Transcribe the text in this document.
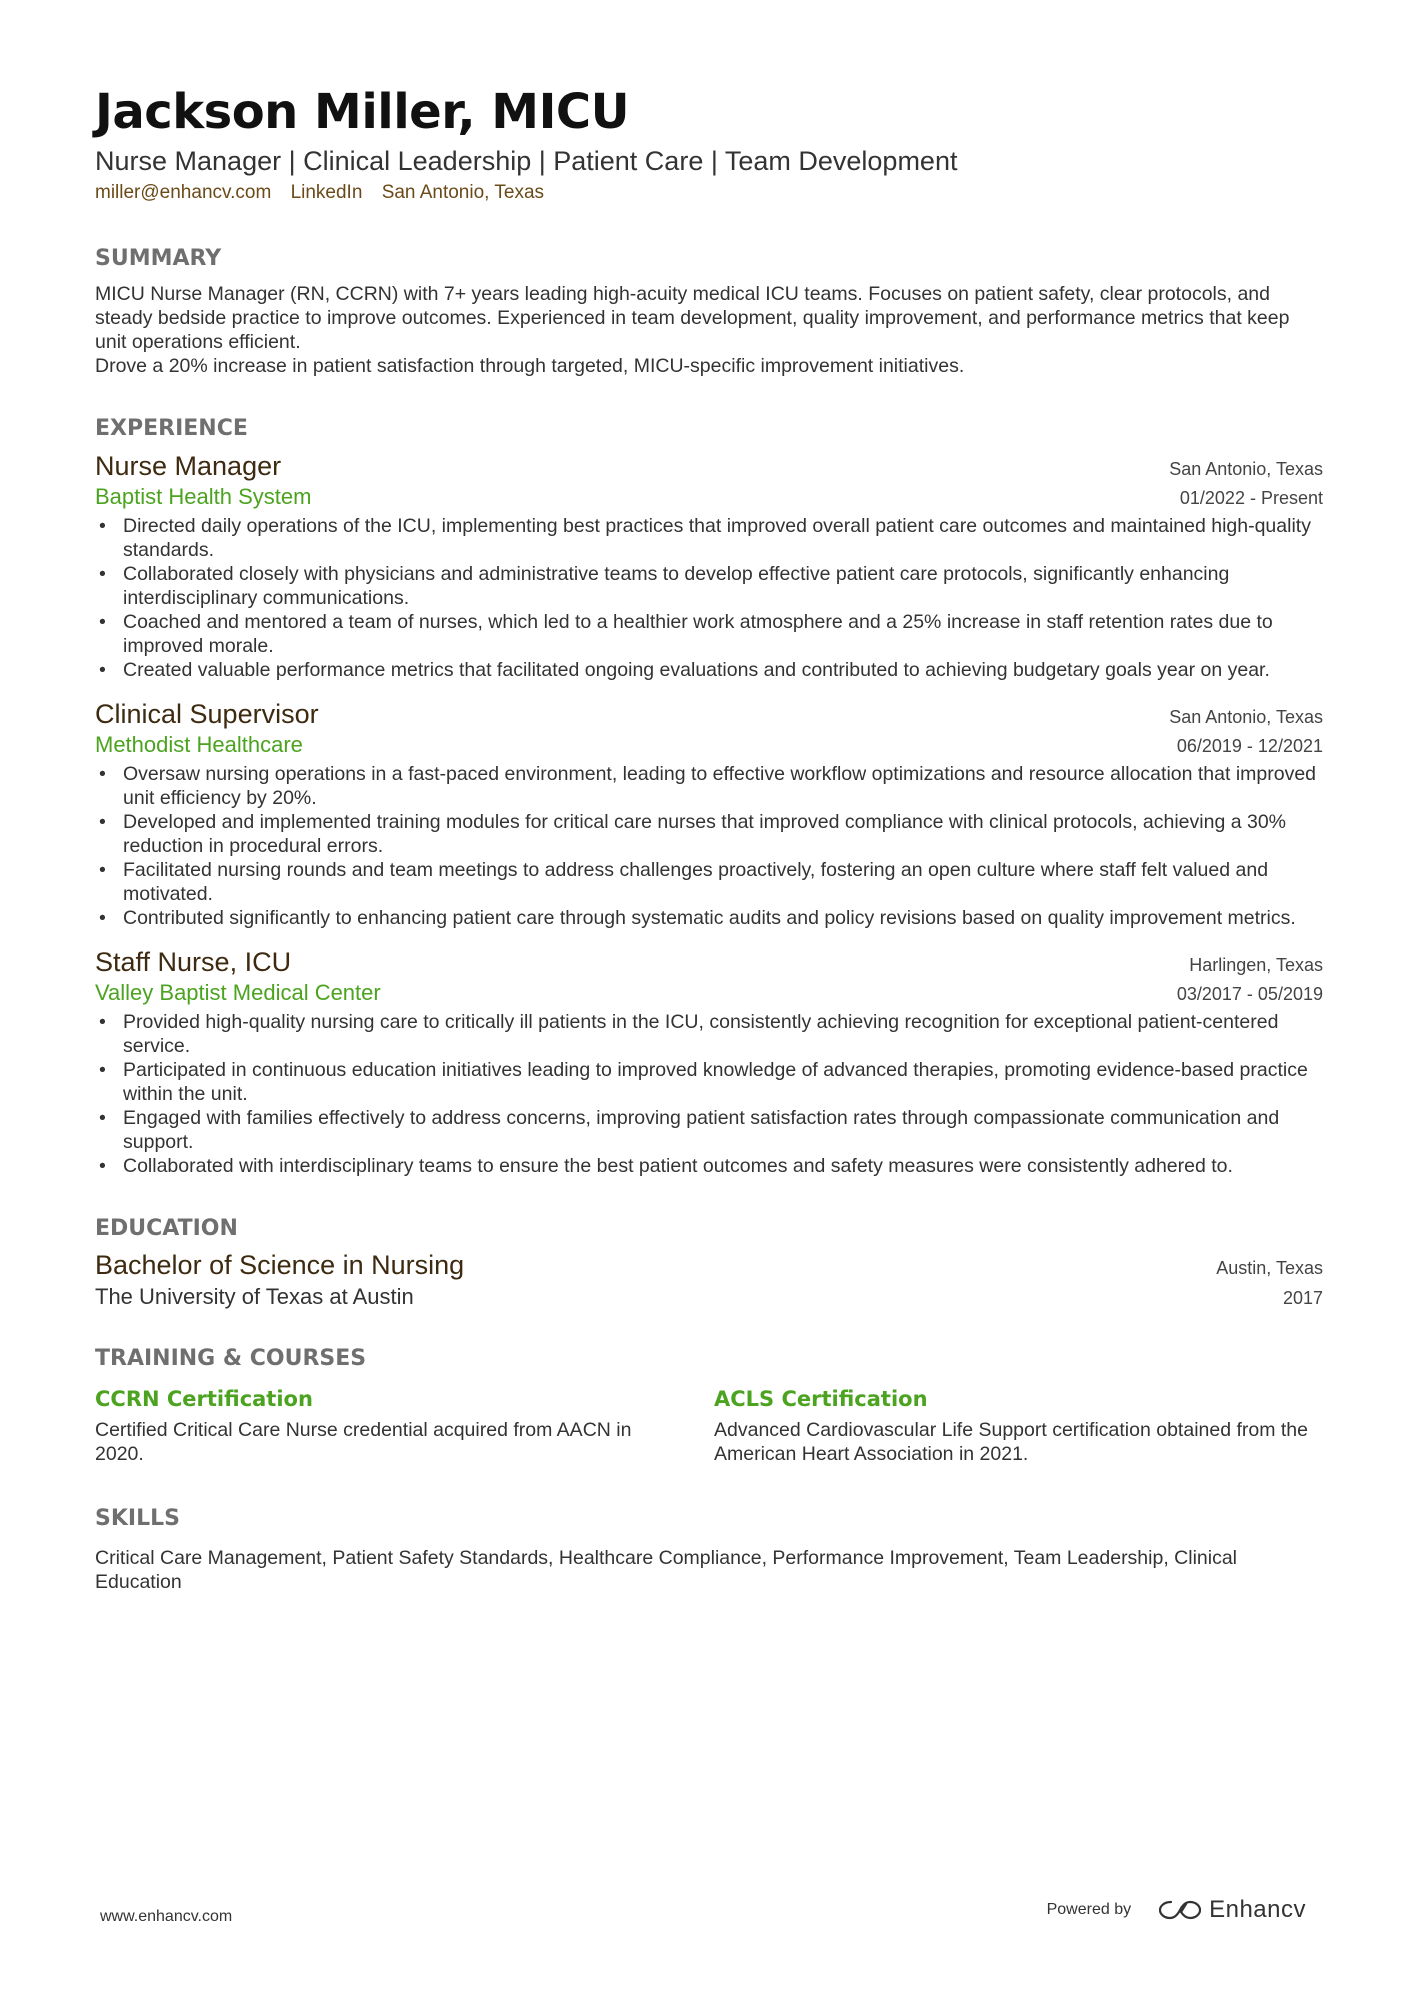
Jackson Miller, MICU
Nurse Manager | Clinical Leadership | Patient Care | Team Development
miller@enhancv.com LinkedIn San Antonio, Texas
SUMMARY
MICU Nurse Manager (RN, CCRN) with 7+ years leading high-acuity medical ICU teams. Focuses on patient safety, clear protocols, and steady bedside practice to improve outcomes. Experienced in team development, quality improvement, and performance metrics that keep unit operations efficient.
Drove a 20% increase in patient satisfaction through targeted, MICU-specific improvement initiatives.
EXPERIENCE
Nurse Manager	San Antonio, Texas
Baptist Health System	01/2022 - Present
• Directed daily operations of the ICU, implementing best practices that improved overall patient care outcomes and maintained high-quality standards.
• Collaborated closely with physicians and administrative teams to develop effective patient care protocols, significantly enhancing interdisciplinary communications.
• Coached and mentored a team of nurses, which led to a healthier work atmosphere and a 25% increase in staff retention rates due to improved morale.
• Created valuable performance metrics that facilitated ongoing evaluations and contributed to achieving budgetary goals year on year.
Clinical Supervisor	San Antonio, Texas
Methodist Healthcare	06/2019 - 12/2021
• Oversaw nursing operations in a fast-paced environment, leading to effective workflow optimizations and resource allocation that improved unit efficiency by 20%.
• Developed and implemented training modules for critical care nurses that improved compliance with clinical protocols, achieving a 30% reduction in procedural errors.
• Facilitated nursing rounds and team meetings to address challenges proactively, fostering an open culture where staff felt valued and motivated.
• Contributed significantly to enhancing patient care through systematic audits and policy revisions based on quality improvement metrics.
Staff Nurse, ICU	Harlingen, Texas
Valley Baptist Medical Center	03/2017 - 05/2019
• Provided high-quality nursing care to critically ill patients in the ICU, consistently achieving recognition for exceptional patient-centered service.
• Participated in continuous education initiatives leading to improved knowledge of advanced therapies, promoting evidence-based practice within the unit.
• Engaged with families effectively to address concerns, improving patient satisfaction rates through compassionate communication and support.
• Collaborated with interdisciplinary teams to ensure the best patient outcomes and safety measures were consistently adhered to.
EDUCATION
Bachelor of Science in Nursing	Austin, Texas
The University of Texas at Austin	2017
TRAINING & COURSES
CCRN Certification
Certified Critical Care Nurse credential acquired from AACN in 2020.
ACLS Certification
Advanced Cardiovascular Life Support certification obtained from the American Heart Association in 2021.
SKILLS
Critical Care Management, Patient Safety Standards, Healthcare Compliance, Performance Improvement, Team Leadership, Clinical Education
www.enhancv.com	Powered by	Enhancv
